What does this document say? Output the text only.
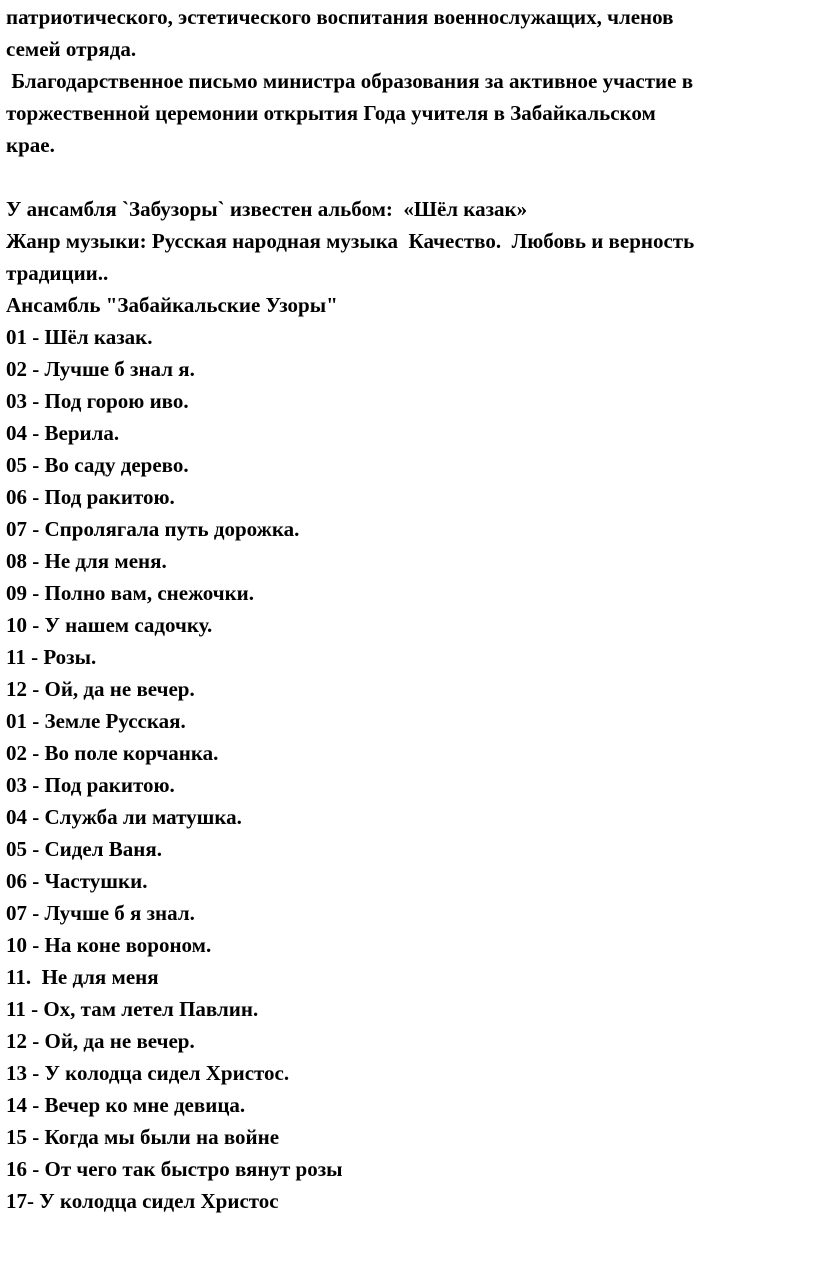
патриотического, эстетического воспитания военнослужащих, членов
семей отряда.
Благодарственное письмо министра образования за активное участие в
торжественной церемонии открытия Года учителя в Забайкальском
крае.
У ансамбля `Забузоры` известен альбом:  «Шёл казак»
Жанр музыки: Русская народная музыка  Качество.  Любовь и верность
традиции..
Ансамбль "Забайкальские Узоры"
01 - Шёл казак.
02 - Лучше б знал я.
03 - Под горою иво.
04 - Верила.
05 - Во саду дерево.
06 - Под ракитою.
07 - Спролягала путь дорожка.
08 - Не для меня.
09 - Полно вам, снежочки.
10 - У нашем садочку.
11 - Розы.
12 - Ой, да не вечер.
01 - Земле Русская.
02 - Во поле корчанка.
03 - Под ракитою.
04 - Служба ли матушка.
05 - Сидел Ваня.
06 - Частушки.
07 - Лучше б я знал.
10 - На коне вороном.
11.  Не для меня
11 - Ох, там летел Павлин.
12 - Ой, да не вечер.
13 - У колодца сидел Христос.
14 - Вечер ко мне девица.
15 - Когда мы были на войне
16 - От чего так быстро вянут розы
17- У колодца сидел Христос
